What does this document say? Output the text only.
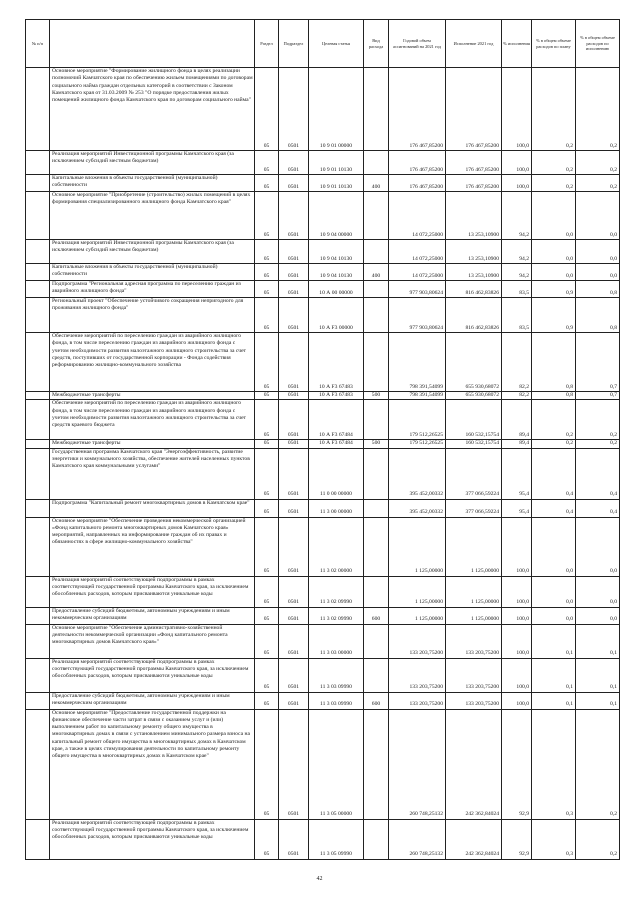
№ п/п		Раздел	Подраздел	Целевая статья	Вид расхода	Годовой объем ассигнований на 2021 год	Исполнение 2021 год	% исполнения	% в общем объеме расходов по плану	% в общем объеме расходов по исполнению
	Основное мероприятие "Формирование жилищного фонда в целях реализации полномочий Камчатского края по обеспечению жильем помещениями по договорам социального найма граждан отдельных категорий в соответствии с Законом Камчатского края от 31.03.2009 № 253 "О порядке предоставления жилых помещений жилищного фонда Камчатского края по договорам социального найма"	05	0501	10 9 01 00000		176 467,85200	176 467,85200	100,0	0,2	0,2
	Реализация мероприятий Инвестиционной программы Камчатского края (за исключением субсидий местным бюджетам)	05	0501	10 9 01 10130		176 467,85200	176 467,85200	100,0	0,2	0,2
	Капитальные вложения в объекты государственной (муниципальной) собственности	05	0501	10 9 01 10130	400	176 467,85200	176 467,85200	100,0	0,2	0,2
	Основное мероприятие "Приобретение (строительство) жилых помещений в целях формирования специализированного жилищного фонда Камчатского края"	05	0501	10 9 04 00000		14 072,25000	13 253,10900	94,2	0,0	0,0
	Реализация мероприятий Инвестиционной программы Камчатского края (за исключением субсидий местным бюджетам)	05	0501	10 9 04 10130		14 072,25000	13 253,10900	94,2	0,0	0,0
	Капитальные вложения в объекты государственной (муниципальной) собственности	05	0501	10 9 04 10130	400	14 072,25000	13 253,10900	94,2	0,0	0,0
	Подпрограмма "Региональная адресная программа по переселению граждан из аварийного жилищного фонда"	05	0501	10 А 00 00000		977 903,80624	816 462,83826	83,5	0,9	0,8
	Региональный проект "Обеспечение устойчивого сокращения непригодного для проживания жилищного фонда"	05	0501	10 А F3 00000		977 903,80624	816 462,83826	83,5	0,9	0,8
	Обеспечение мероприятий по переселению граждан из аварийного жилищного фонда, в том числе переселению граждан из аварийного жилищного фонда с учетом необходимости развития малоэтажного жилищного строительства за счет средств, поступивших от государственной корпорации - Фонда содействия реформированию жилищно-коммунального хозяйства	05	0501	10 А F3 67483		798 391,54099	655 930,68072	82,2	0,8	0,7
	Межбюджетные трансферты	05	0501	10 А F3 67483	500	798 391,54099	655 930,68072	82,2	0,8	0,7
	Обеспечение мероприятий по переселению граждан из аварийного жилищного фонда, в том числе переселению граждан из аварийного жилищного фонда с учетом необходимости развития малоэтажного жилищного строительства за счет средств краевого бюджета	05	0501	10 А F3 67484		179 512,26525	160 532,15754	89,4	0,2	0,2
	Межбюджетные трансферты	05	0501	10 А F3 67484	500	179 512,26525	160 532,15754	89,4	0,2	0,2
	Государственная программа Камчатского края "Энергоэффективность, развитие энергетики и коммунального хозяйства, обеспечение жителей населенных пунктов Камчатского края коммунальными услугами"	05	0501	11 0 00 00000		395 452,00332	377 066,59224	95,4	0,4	0,4
	Подпрограмма "Капитальный ремонт многоквартирных домов в Камчатском крае"	05	0501	11 3 00 00000		395 452,00332	377 066,59224	95,4	0,4	0,4
	Основное мероприятие "Обеспечение проведения некоммерческой организацией «Фонд капитального ремонта многоквартирных домов Камчатского края» мероприятий, направленных на информирование граждан об их правах и обязанностях в сфере жилищно-коммунального хозяйства"	05	0501	11 3 02 00000		1 125,00000	1 125,00000	100,0	0,0	0,0
	Реализация мероприятий соответствующей подпрограммы в рамках соответствующей государственной программы Камчатского края, за исключением обособленных расходов, которым присваиваются уникальные коды	05	0501	11 3 02 09990		1 125,00000	1 125,00000	100,0	0,0	0,0
	Предоставление субсидий бюджетным, автономным учреждениям и иным некоммерческим организациям	05	0501	11 3 02 09990	600	1 125,00000	1 125,00000	100,0	0,0	0,0
	Основное мероприятие "Обеспечение административно-хозяйственной деятельности некоммерческой организации «Фонд капитального ремонта многоквартирных домов Камчатского края»"	05	0501	11 3 03 00000		133 203,75200	133 203,75200	100,0	0,1	0,1
	Реализация мероприятий соответствующей подпрограммы в рамках соответствующей государственной программы Камчатского края, за исключением обособленных расходов, которым присваиваются уникальные коды	05	0501	11 3 03 09990		133 203,75200	133 203,75200	100,0	0,1	0,1
	Предоставление субсидий бюджетным, автономным учреждениям и иным некоммерческим организациям	05	0501	11 3 03 09990	600	133 203,75200	133 203,75200	100,0	0,1	0,1
	Основное мероприятие "Предоставление государственной поддержки на финансовое обеспечение части затрат в связи с оказанием услуг и (или) выполнением работ по капитальному ремонту общего имущества в многоквартирных домах в связи с установлением минимального размера взноса на капитальный ремонт общего имущества в многоквартирных домах в Камчатском крае, а также в целях стимулирования деятельности по капитальному ремонту общего имущества в многоквартирных домах в Камчатском крае"	05	0501	11 3 05 00000		260 748,25132	242 362,84024	92,9	0,3	0,2
	Реализация мероприятий соответствующей подпрограммы в рамках соответствующей государственной программы Камчатского края, за исключением обособленных расходов, которым присваиваются уникальные коды	05	0501	11 3 05 09990		260 748,25132	242 362,84024	92,9	0,3	0,2
42
